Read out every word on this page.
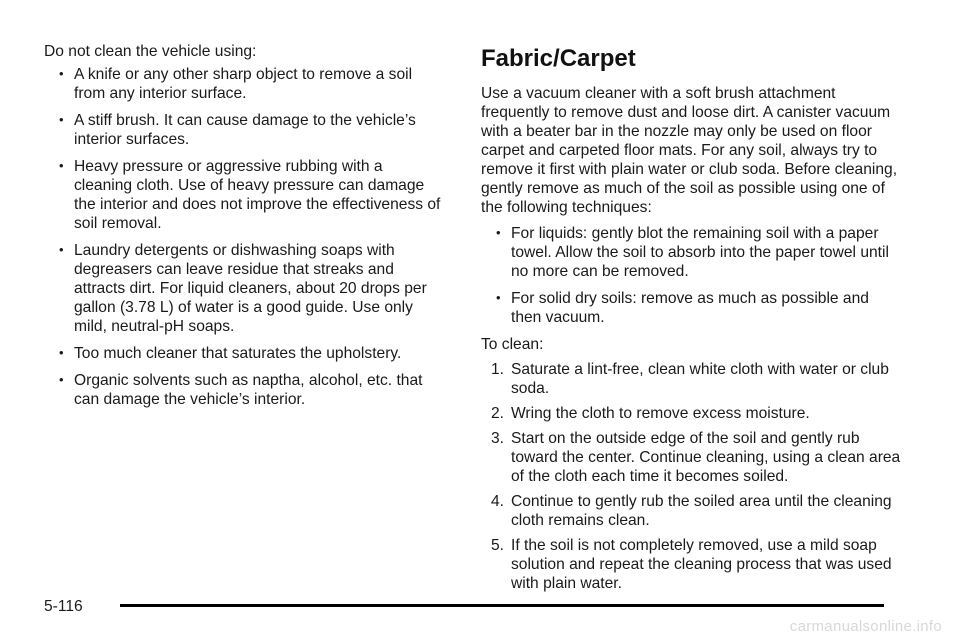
Do not clean the vehicle using:

• A knife or any other sharp object to remove a soil from any interior surface.
• A stiff brush. It can cause damage to the vehicle’s interior surfaces.
• Heavy pressure or aggressive rubbing with a cleaning cloth. Use of heavy pressure can damage the interior and does not improve the effectiveness of soil removal.
• Laundry detergents or dishwashing soaps with degreasers can leave residue that streaks and attracts dirt. For liquid cleaners, about 20 drops per gallon (3.78 L) of water is a good guide. Use only mild, neutral-pH soaps.
• Too much cleaner that saturates the upholstery.
• Organic solvents such as naptha, alcohol, etc. that can damage the vehicle’s interior.
Fabric/Carpet

Use a vacuum cleaner with a soft brush attachment frequently to remove dust and loose dirt. A canister vacuum with a beater bar in the nozzle may only be used on floor carpet and carpeted floor mats. For any soil, always try to remove it first with plain water or club soda. Before cleaning, gently remove as much of the soil as possible using one of the following techniques:

• For liquids: gently blot the remaining soil with a paper towel. Allow the soil to absorb into the paper towel until no more can be removed.
• For solid dry soils: remove as much as possible and then vacuum.

To clean:

1. Saturate a lint-free, clean white cloth with water or club soda.
2. Wring the cloth to remove excess moisture.
3. Start on the outside edge of the soil and gently rub toward the center. Continue cleaning, using a clean area of the cloth each time it becomes soiled.
4. Continue to gently rub the soiled area until the cleaning cloth remains clean.
5. If the soil is not completely removed, use a mild soap solution and repeat the cleaning process that was used with plain water.
5-116
carmanualsonline.info
